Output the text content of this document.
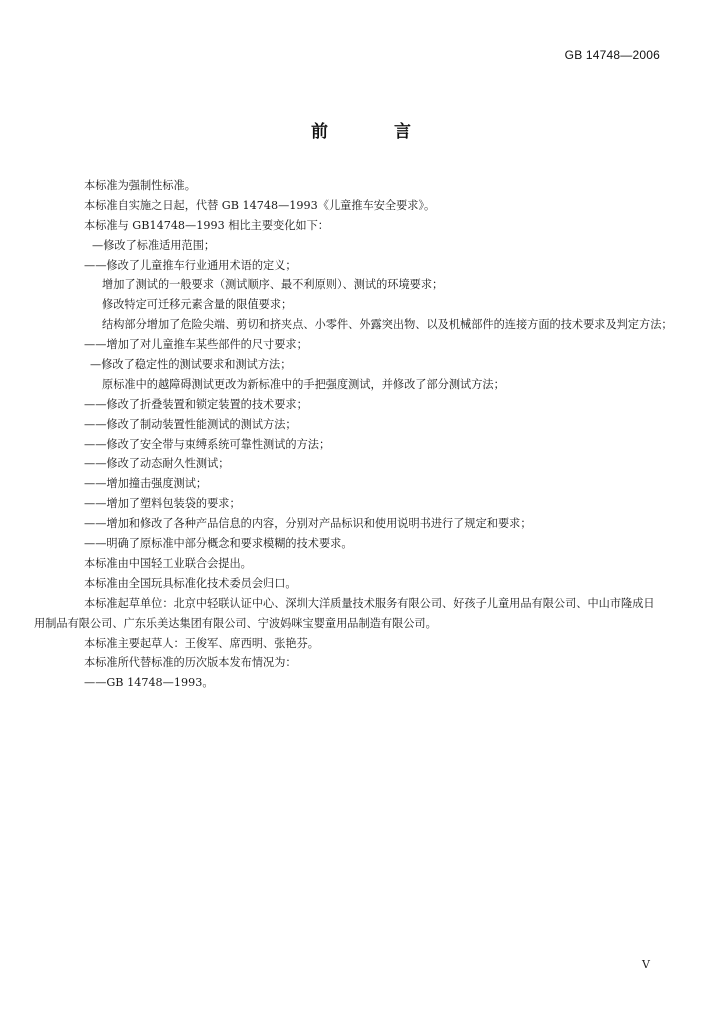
GB 14748—2006
前 言
本标准为强制性标准。
本标准自实施之日起，代替 GB 14748—1993《儿童推车安全要求》。
本标准与 GB14748—1993 相比主要变化如下：
—修改了标准适用范围；
——修改了儿童推车行业通用术语的定义；
增加了测试的一般要求（测试顺序、最不利原则）、测试的环境要求；
修改特定可迁移元素含量的限值要求；
结构部分增加了危险尖端、剪切和挤夹点、小零件、外露突出物、以及机械部件的连接方面的技术要求及判定方法；
——增加了对儿童推车某些部件的尺寸要求；
—修改了稳定性的测试要求和测试方法；
原标准中的越障碍测试更改为新标准中的手把强度测试，并修改了部分测试方法；
——修改了折叠装置和锁定装置的技术要求；
——修改了制动装置性能测试的测试方法；
——修改了安全带与束缚系统可靠性测试的方法；
——修改了动态耐久性测试；
——增加撞击强度测试；
——增加了塑料包装袋的要求；
——增加和修改了各种产品信息的内容，分别对产品标识和使用说明书进行了规定和要求；
——明确了原标准中部分概念和要求模糊的技术要求。
本标准由中国轻工业联合会提出。
本标准由全国玩具标准化技术委员会归口。
本标准起草单位：北京中轻联认证中心、深圳大洋质量技术服务有限公司、好孩子儿童用品有限公司、中山市隆成日用制品有限公司、广东乐美达集团有限公司、宁波妈咪宝婴童用品制造有限公司。
本标准主要起草人：王俊军、席西明、张艳芬。
本标准所代替标准的历次版本发布情况为：
——GB 14748—1993。
V
